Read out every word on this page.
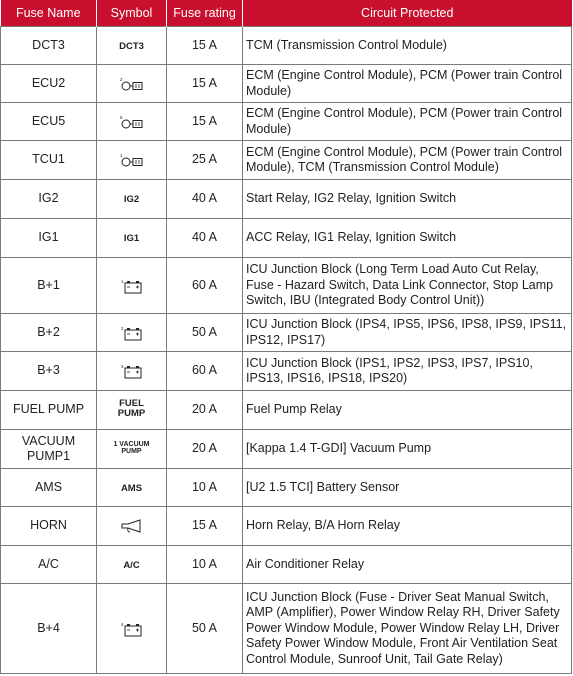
Fuse Name	Symbol	Fuse rating	Circuit Protected
DCT3	DCT3	15 A	TCM (Transmission Control Module)
ECU2	2	15 A	ECM (Engine Control Module), PCM (Power train Control Module)
ECU5	5	15 A	ECM (Engine Control Module), PCM (Power train Control Module)
TCU1	1	25 A	ECM (Engine Control Module), PCM (Power train Control Module), TCM (Transmission Control Module)
IG2	IG2	40 A	Start Relay, IG2 Relay, Ignition Switch
IG1	IG1	40 A	ACC Relay, IG1 Relay, Ignition Switch
B+1	1	60 A	ICU Junction Block (Long Term Load Auto Cut Relay, Fuse - Hazard Switch, Data Link Connector, Stop Lamp Switch, IBU (Integrated Body Control Unit))
B+2	2	50 A	ICU Junction Block (IPS4, IPS5, IPS6, IPS8, IPS9, IPS11, IPS12, IPS17)
B+3	3	60 A	ICU Junction Block (IPS1, IPS2, IPS3, IPS7, IPS10, IPS13, IPS16, IPS18, IPS20)
FUEL PUMP	FUEL PUMP	20 A	Fuel Pump Relay
VACUUM PUMP1	1 VACUUM PUMP	20 A	[Kappa 1.4 T-GDI] Vacuum Pump
AMS	AMS	10 A	[U2 1.5 TCI] Battery Sensor
HORN		15 A	Horn Relay, B/A Horn Relay
A/C	A/C	10 A	Air Conditioner Relay
B+4	4	50 A	ICU Junction Block (Fuse - Driver Seat Manual Switch, AMP (Amplifier), Power Window Relay RH, Driver Safety Power Window Module, Power Window Relay LH, Driver Safety Power Window Module, Front Air Ventilation Seat Control Module, Sunroof Unit, Tail Gate Relay)
